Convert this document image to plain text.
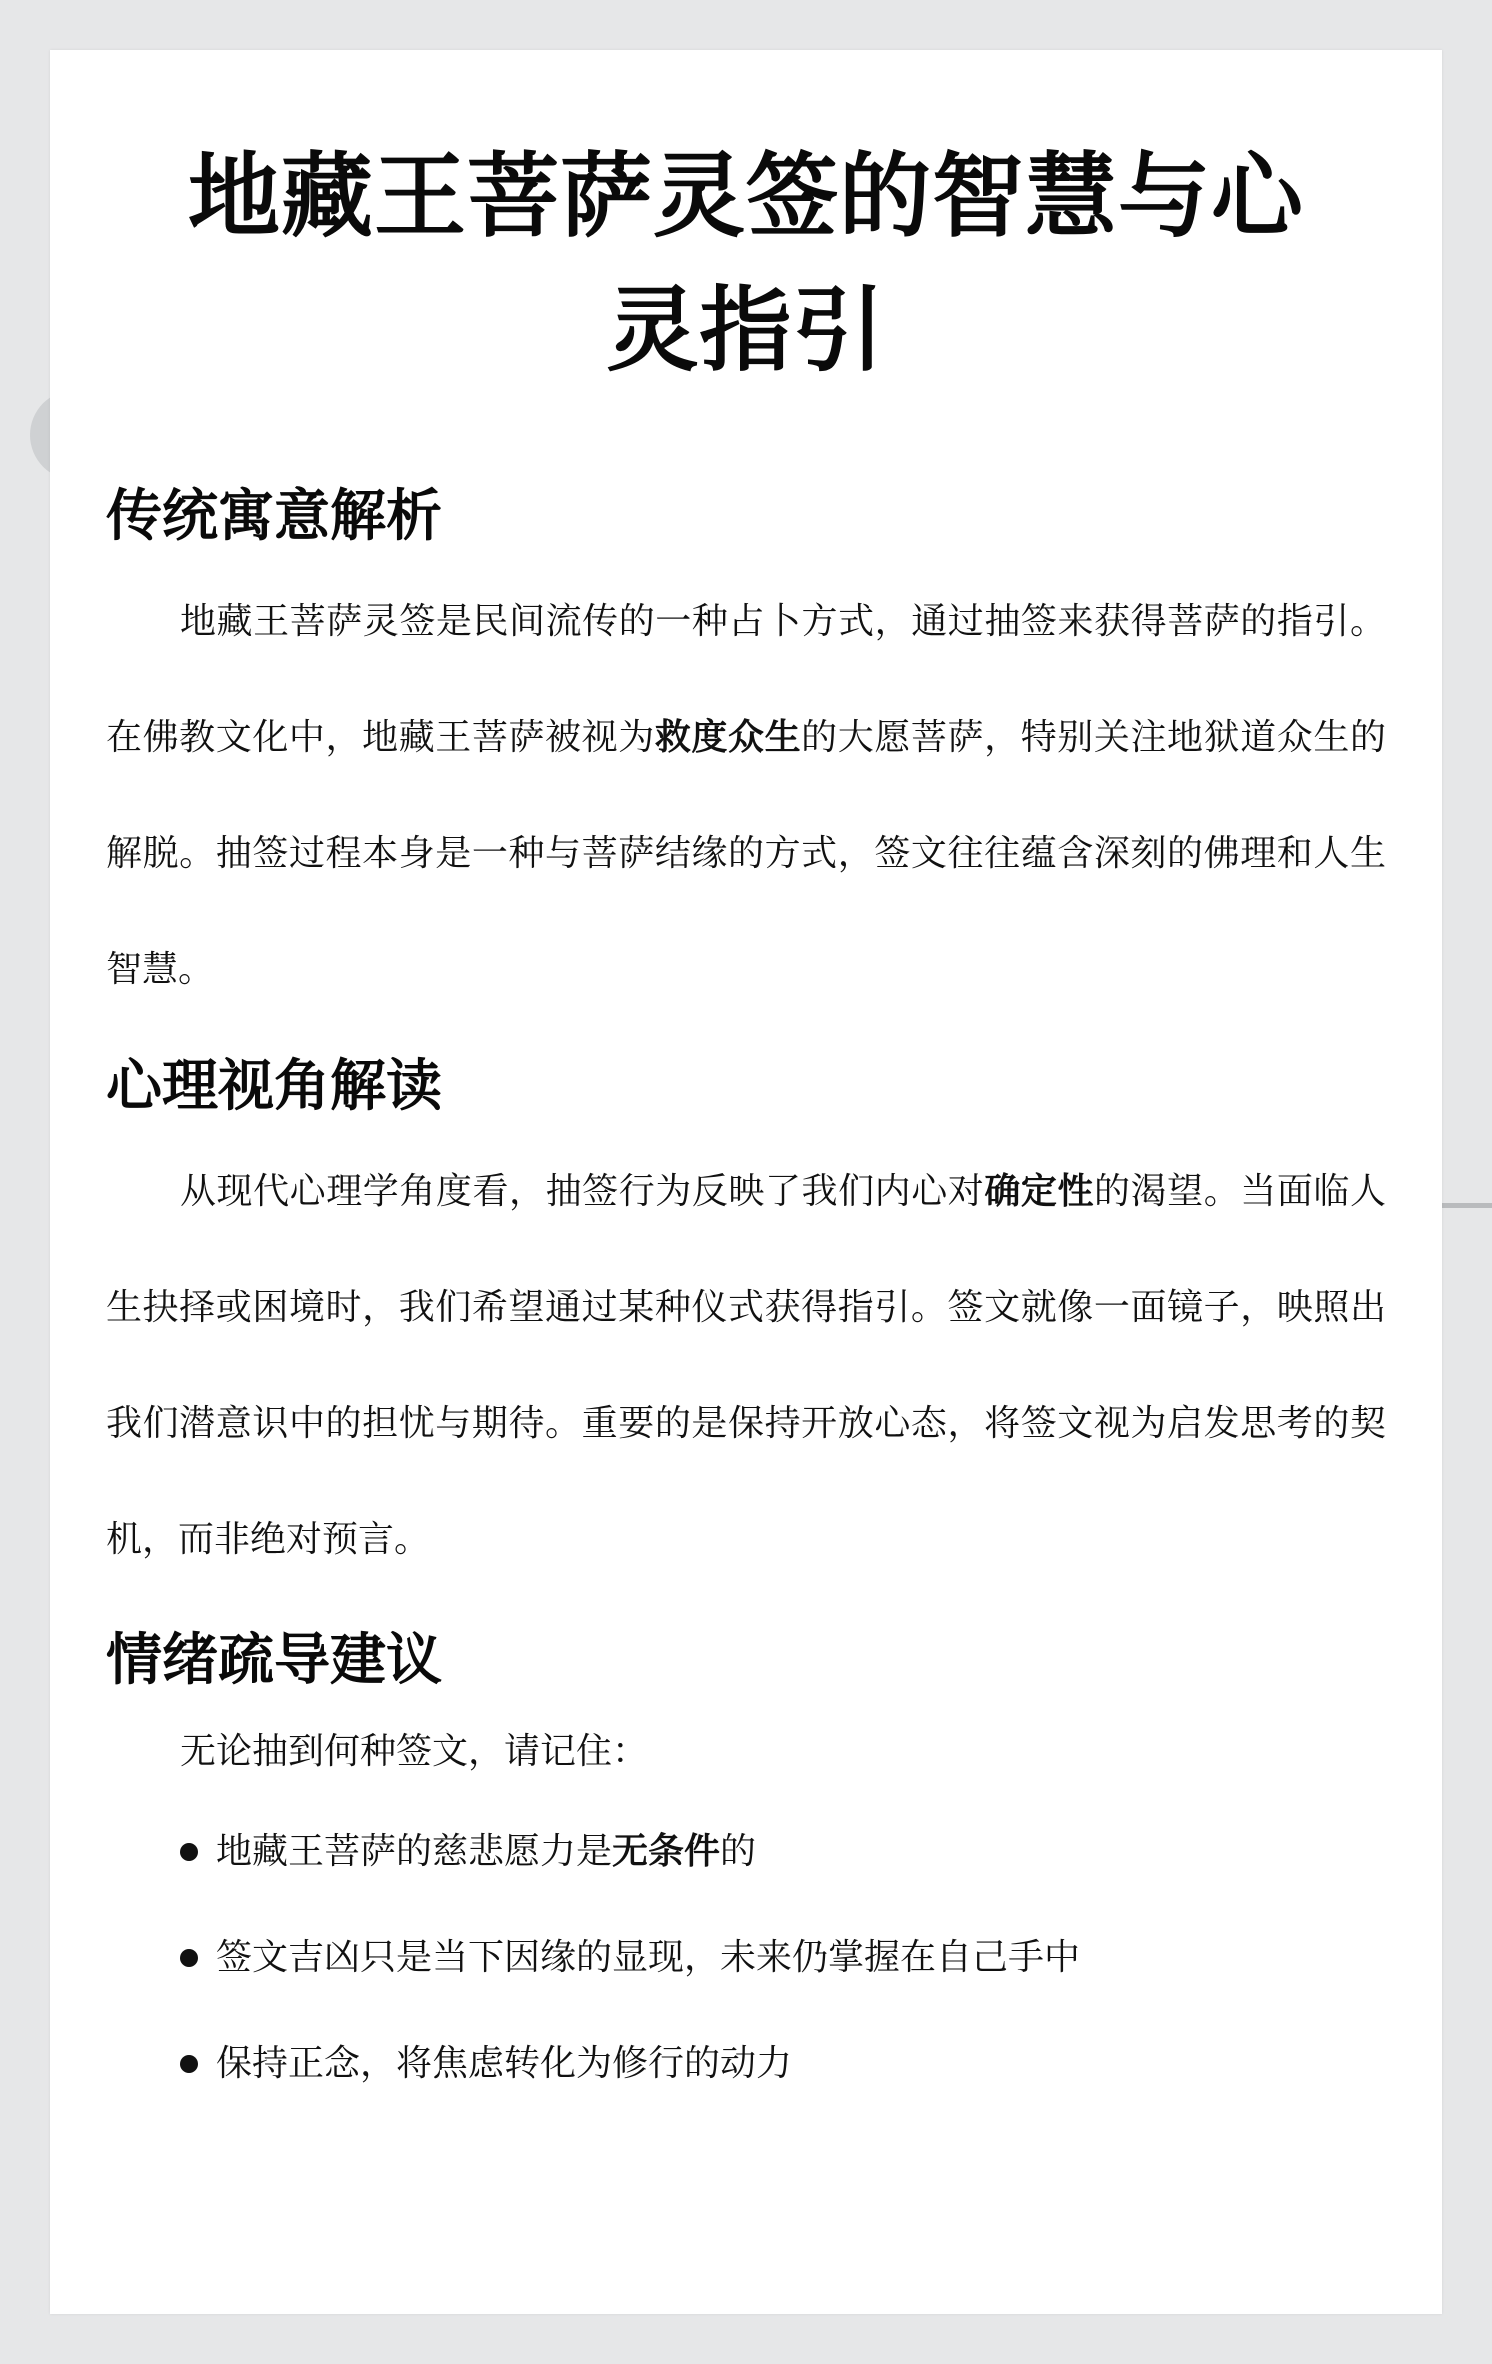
地藏王菩萨灵签的智慧与心灵指引
传统寓意解析

地藏王菩萨灵签是民间流传的一种占卜方式，通过抽签来获得菩萨的指引。在佛教文化中，地藏王菩萨被视为救度众生的大愿菩萨，特别关注地狱道众生的解脱。抽签过程本身是一种与菩萨结缘的方式，签文往往蕴含深刻的佛理和人生智慧。

心理视角解读

从现代心理学角度看，抽签行为反映了我们内心对确定性的渴望。当面临人生抉择或困境时，我们希望通过某种仪式获得指引。签文就像一面镜子，映照出我们潜意识中的担忧与期待。重要的是保持开放心态，将签文视为启发思考的契机，而非绝对预言。

情绪疏导建议

无论抽到何种签文，请记住：

地藏王菩萨的慈悲愿力是无条件的
签文吉凶只是当下因缘的显现，未来仍掌握在自己手中
保持正念，将焦虑转化为修行的动力
